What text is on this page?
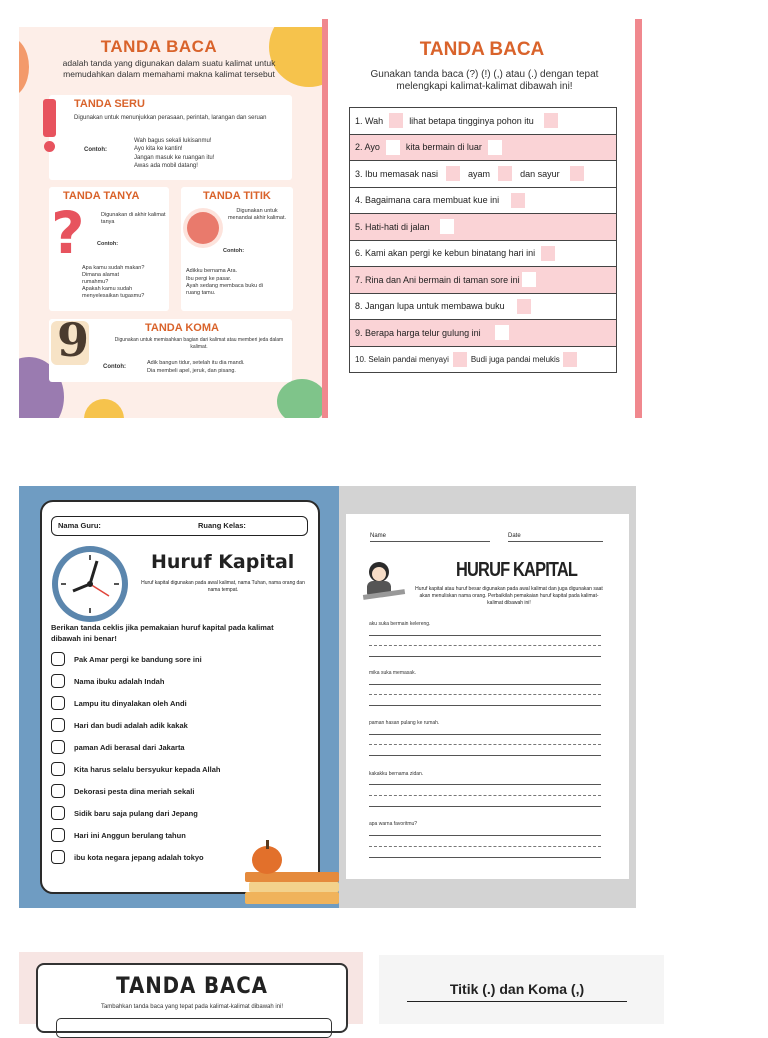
TANDA BACA
adalah tanda yang digunakan dalam suatu kalimat untuk memudahkan dalam memahami makna kalimat tersebut
TANDA SERU
Digunakan untuk menunjukkan perasaan, perintah, larangan dan seruan
Contoh:
Wah bagus sekali lukisanmu!
Ayo kita ke kantin!
Jangan masuk ke ruangan itu!
Awas ada mobil datang!
TANDA TANYA
?	Digunakan di akhir kalimat tanya
Contoh:
Apa kamu sudah makan?
Dimana alamat rumahmu?
Apakah kamu sudah menyelesaikan tugasmu?
TANDA TITIK
Digunakan untuk menandai akhir kalimat.
Contoh:
Adikku bernama Ara.
Ibu pergi ke pasar.
Ayah sedang membaca buku di ruang tamu.
9	TANDA KOMA
Digunakan untuk memisahkan bagian dari kalimat atau memberi jeda dalam kalimat.
Contoh:
Adik bangun tidur, setelah itu dia mandi.
Dia membeli apel, jeruk, dan pisang.
TANDA BACA
Gunakan tanda baca (?) (!) (,) atau (.) dengan tepat melengkapi kalimat-kalimat dibawah ini!
1. Wah	lihat betapa tingginya pohon itu
2. Ayo	kita bermain di luar
3. Ibu memasak nasi	ayam	dan sayur
4. Bagaimana cara membuat kue ini
5. Hati-hati di jalan
6. Kami akan pergi ke kebun binatang hari ini
7. Rina dan Ani bermain di taman sore ini
8. Jangan lupa untuk membawa buku
9. Berapa harga telur gulung ini
10. Selain pandai menyayi	Budi juga pandai melukis
Nama Guru:	Ruang Kelas:
Huruf Kapital
Huruf kapital digunakan pada awal kalimat, nama Tuhan, nama orang dan nama tempat.
Berikan tanda ceklis jika pemakaian huruf kapital pada kalimat dibawah ini benar!
Pak Amar pergi ke bandung sore ini
Nama ibuku adalah Indah
Lampu itu dinyalakan oleh Andi
Hari dan budi adalah adik kakak
paman Adi berasal dari Jakarta
Kita harus selalu bersyukur kepada Allah
Dekorasi pesta dina meriah sekali
Sidik baru saja pulang dari Jepang
Hari ini Anggun berulang tahun
ibu kota negara jepang adalah tokyo
Name	Date
HURUF KAPITAL
Huruf kapital atau huruf besar digunakan pada awal kalimat dan juga digunakan saat akan menuliskan nama orang. Perbaikilah pemakaian huruf kapital pada kalimat-kalimat dibawah ini!
aku suka bermain kelereng.
mika suka memasak.
paman hasan pulang ke rumah.
kakakku bernama zidan.
apa warna favoritmu?
TANDA BACA
Tambahkan tanda baca yang tepat pada kalimat-kalimat dibawah ini!
Titik (.) dan Koma (,)
